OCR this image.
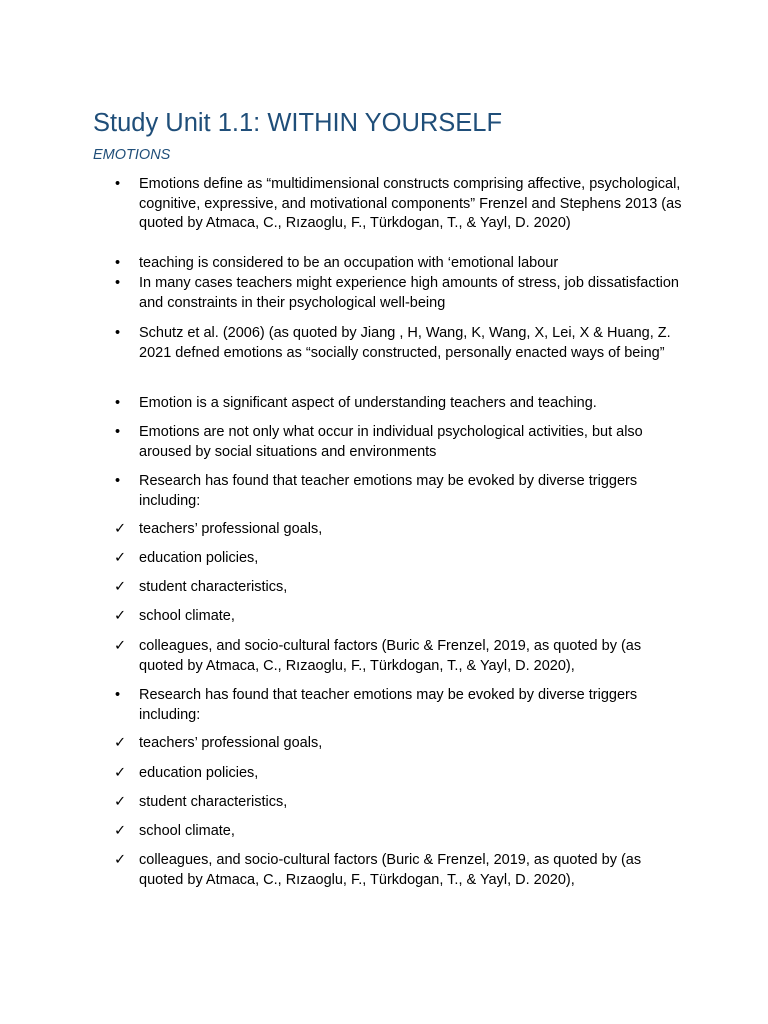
Study Unit 1.1: WITHIN YOURSELF
EMOTIONS
•	Emotions define as “multidimensional constructs comprising affective, psychological, cognitive, expressive, and motivational components” Frenzel and Stephens 2013 (as quoted by Atmaca, C., Rızaoglu, F., Türkdogan, T., & Yayl, D. 2020)
•	teaching is considered to be an occupation with ‘emotional labour
•	In many cases teachers might experience high amounts of stress, job dissatisfaction and constraints in their psychological well-being
•	Schutz et al. (2006) (as quoted by Jiang , H, Wang, K, Wang, X, Lei, X & Huang, Z. 2021 defned emotions as “socially constructed, personally enacted ways of being”
•	Emotion is a significant aspect of understanding teachers and teaching.
•	Emotions are not only what occur in individual psychological activities, but also aroused by social situations and environments
•	Research has found that teacher emotions may be evoked by diverse triggers including:
✓ teachers’ professional goals,
✓ education policies,
✓ student characteristics,
✓ school climate,
✓ colleagues, and socio-cultural factors (Buric & Frenzel, 2019, as quoted by (as quoted by Atmaca, C., Rızaoglu, F., Türkdogan, T., & Yayl, D. 2020),
•	Research has found that teacher emotions may be evoked by diverse triggers including:
✓ teachers’ professional goals,
✓ education policies,
✓ student characteristics,
✓ school climate,
✓ colleagues, and socio-cultural factors (Buric & Frenzel, 2019, as quoted by (as quoted by Atmaca, C., Rızaoglu, F., Türkdogan, T., & Yayl, D. 2020),
